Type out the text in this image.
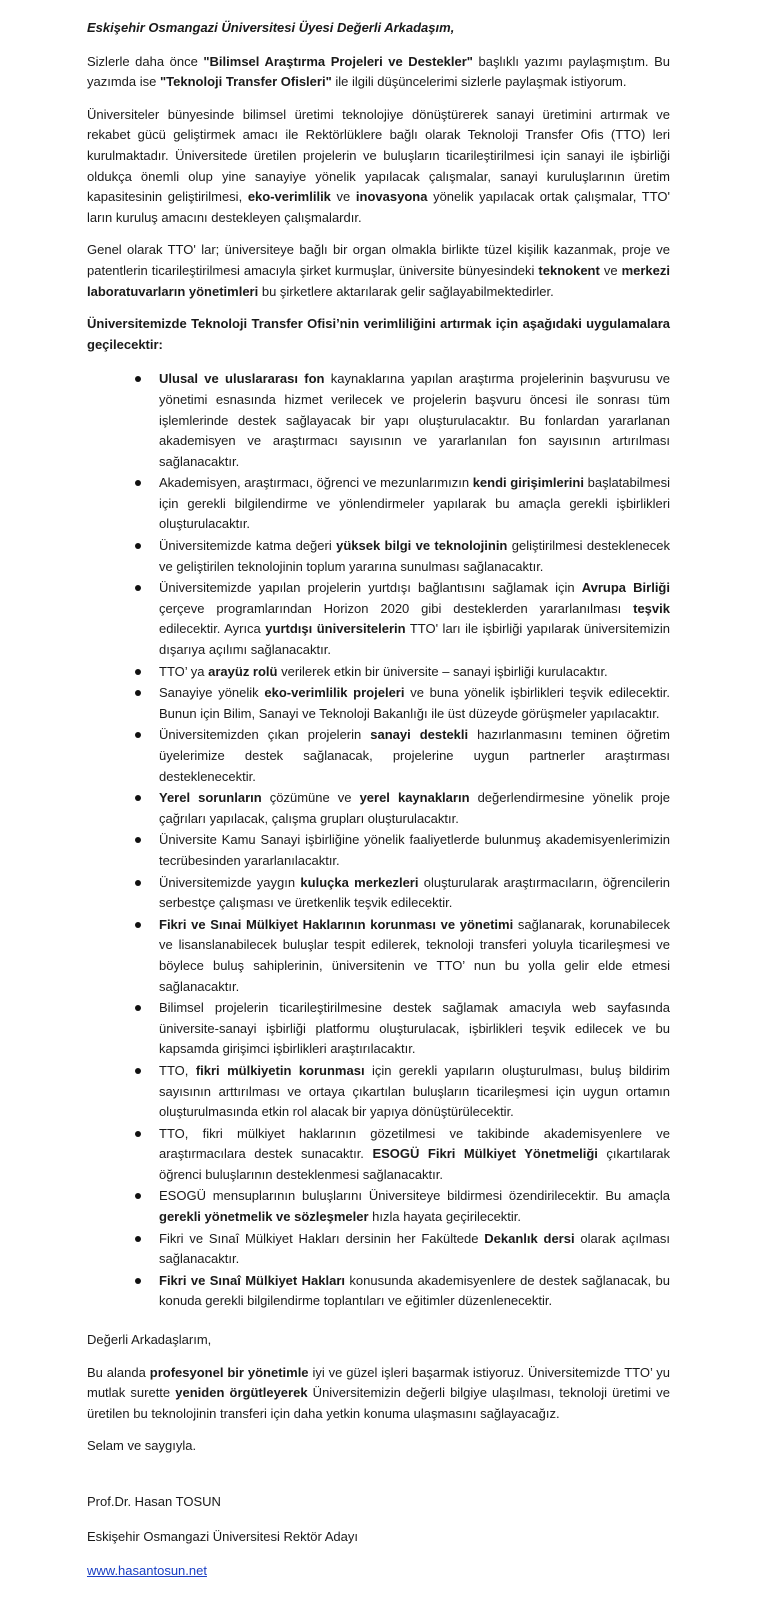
Eskişehir Osmangazi Üniversitesi Üyesi Değerli Arkadaşım,

Sizlerle daha önce "Bilimsel Araştırma Projeleri ve Destekler" başlıklı yazımı paylaşmıştım. Bu yazımda ise "Teknoloji Transfer Ofisleri" ile ilgili düşüncelerimi sizlerle paylaşmak istiyorum.

Üniversiteler bünyesinde bilimsel üretimi teknolojiye dönüştürerek sanayi üretimini artırmak ve rekabet gücü geliştirmek amacı ile Rektörlüklere bağlı olarak Teknoloji Transfer Ofis (TTO) leri kurulmaktadır. Üniversitede üretilen projelerin ve buluşların ticarileştirilmesi için sanayi ile işbirliği oldukça önemli olup yine sanayiye yönelik yapılacak çalışmalar, sanayi kuruluşlarının üretim kapasitesinin geliştirilmesi, eko-verimlilik ve inovasyona yönelik yapılacak ortak çalışmalar, TTO' ların kuruluş amacını destekleyen çalışmalardır.

Genel olarak TTO' lar; üniversiteye bağlı bir organ olmakla birlikte tüzel kişilik kazanmak, proje ve patentlerin ticarileştirilmesi amacıyla şirket kurmuşlar, üniversite bünyesindeki teknokent ve merkezi laboratuvarların yönetimleri bu şirketlere aktarılarak gelir sağlayabilmektedirler.

Üniversitemizde Teknoloji Transfer Ofisi’nin verimliliğini artırmak için aşağıdaki uygulamalara geçilecektir:

Ulusal ve uluslararası fon kaynaklarına yapılan araştırma projelerinin başvurusu ve yönetimi esnasında hizmet verilecek ve projelerin başvuru öncesi ile sonrası tüm işlemlerinde destek sağlayacak bir yapı oluşturulacaktır. Bu fonlardan yararlanan akademisyen ve araştırmacı sayısının ve yararlanılan fon sayısının artırılması sağlanacaktır.
Akademisyen, araştırmacı, öğrenci ve mezunlarımızın kendi girişimlerini başlatabilmesi için gerekli bilgilendirme ve yönlendirmeler yapılarak bu amaçla gerekli işbirlikleri oluşturulacaktır.
Üniversitemizde katma değeri yüksek bilgi ve teknolojinin geliştirilmesi desteklenecek ve geliştirilen teknolojinin toplum yararına sunulması sağlanacaktır.
Üniversitemizde yapılan projelerin yurtdışı bağlantısını sağlamak için Avrupa Birliği çerçeve programlarından Horizon 2020 gibi desteklerden yararlanılması teşvik edilecektir. Ayrıca yurtdışı üniversitelerin TTO' ları ile işbirliği yapılarak üniversitemizin dışarıya açılımı sağlanacaktır.
TTO’ ya arayüz rolü verilerek etkin bir üniversite – sanayi işbirliği kurulacaktır.
Sanayiye yönelik eko-verimlilik projeleri ve buna yönelik işbirlikleri teşvik edilecektir. Bunun için Bilim, Sanayi ve Teknoloji Bakanlığı ile üst düzeyde görüşmeler yapılacaktır.
Üniversitemizden çıkan projelerin sanayi destekli hazırlanmasını teminen öğretim üyelerimize destek sağlanacak, projelerine uygun partnerler araştırması desteklenecektir.
Yerel sorunların çözümüne ve yerel kaynakların değerlendirmesine yönelik proje çağrıları yapılacak, çalışma grupları oluşturulacaktır.
Üniversite Kamu Sanayi işbirliğine yönelik faaliyetlerde bulunmuş akademisyenlerimizin tecrübesinden yararlanılacaktır.
Üniversitemizde yaygın kuluçka merkezleri oluşturularak araştırmacıların, öğrencilerin serbestçe çalışması ve üretkenlik teşvik edilecektir.
Fikri ve Sınai Mülkiyet Haklarının korunması ve yönetimi sağlanarak, korunabilecek ve lisanslanabilecek buluşlar tespit edilerek, teknoloji transferi yoluyla ticarileşmesi ve böylece buluş sahiplerinin, üniversitenin ve TTO’ nun bu yolla gelir elde etmesi sağlanacaktır.
Bilimsel projelerin ticarileştirilmesine destek sağlamak amacıyla web sayfasında üniversite-sanayi işbirliği platformu oluşturulacak, işbirlikleri teşvik edilecek ve bu kapsamda girişimci işbirlikleri araştırılacaktır.
TTO, fikri mülkiyetin korunması için gerekli yapıların oluşturulması, buluş bildirim sayısının arttırılması ve ortaya çıkartılan buluşların ticarileşmesi için uygun ortamın oluşturulmasında etkin rol alacak bir yapıya dönüştürülecektir.
TTO, fikri mülkiyet haklarının gözetilmesi ve takibinde akademisyenlere ve araştırmacılara destek sunacaktır. ESOGÜ Fikri Mülkiyet Yönetmeliği çıkartılarak öğrenci buluşlarının desteklenmesi sağlanacaktır.
ESOGÜ mensuplarının buluşlarını Üniversiteye bildirmesi özendirilecektir. Bu amaçla gerekli yönetmelik ve sözleşmeler hızla hayata geçirilecektir.
Fikri ve Sınaî Mülkiyet Hakları dersinin her Fakültede Dekanlık dersi olarak açılması sağlanacaktır.
Fikri ve Sınaî Mülkiyet Hakları konusunda akademisyenlere de destek sağlanacak, bu konuda gerekli bilgilendirme toplantıları ve eğitimler düzenlenecektir.

Değerli Arkadaşlarım,

Bu alanda profesyonel bir yönetimle iyi ve güzel işleri başarmak istiyoruz. Üniversitemizde TTO’ yu mutlak surette yeniden örgütleyerek Üniversitemizin değerli bilgiye ulaşılması, teknoloji üretimi ve üretilen bu teknolojinin transferi için daha yetkin konuma ulaşmasını sağlayacağız.

Selam ve saygıyla.

Prof.Dr. Hasan TOSUN

Eskişehir Osmangazi Üniversitesi Rektör Adayı

www.hasantosun.net
